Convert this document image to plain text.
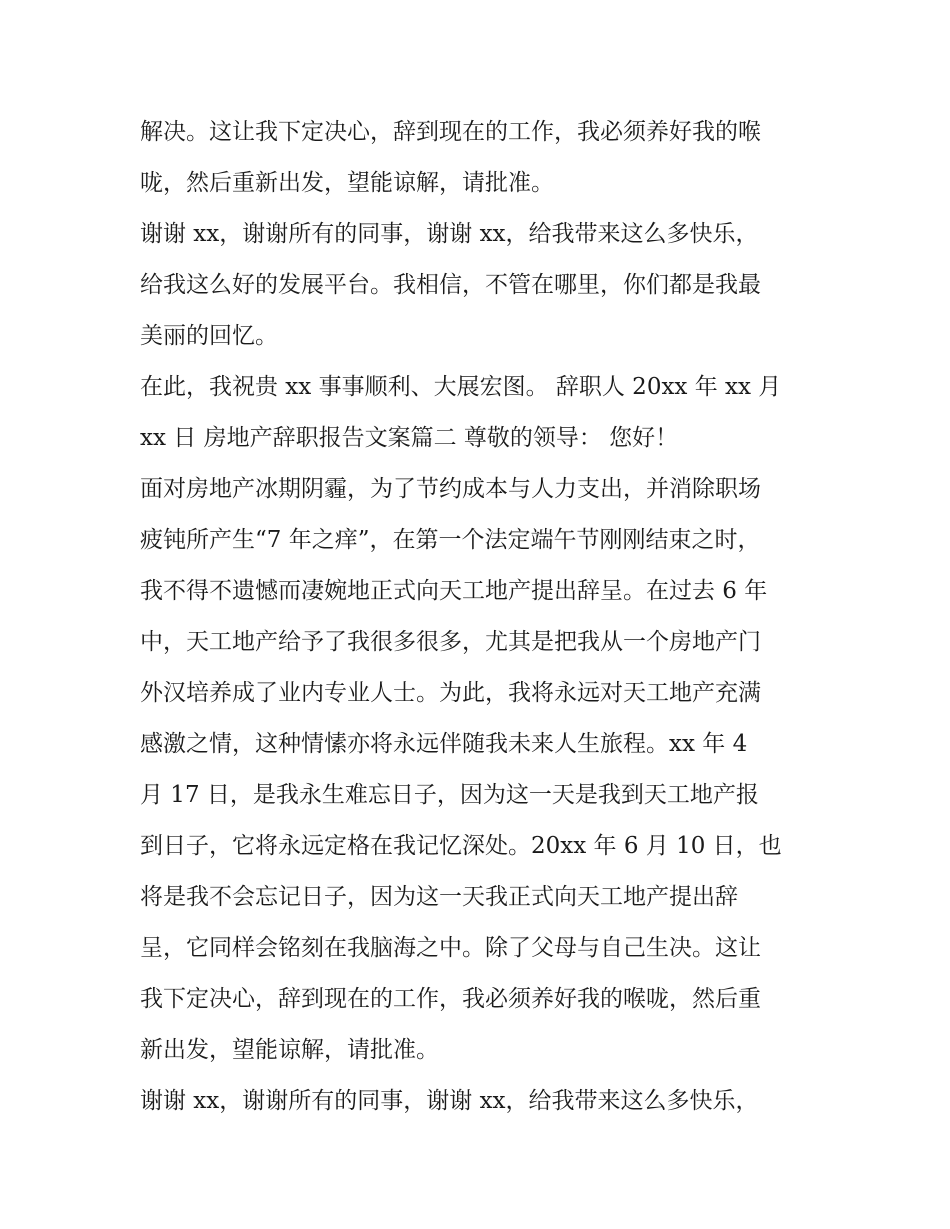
解决。这让我下定决心，辞到现在的工作，我必须养好我的喉
咙，然后重新出发，望能谅解，请批准。
谢谢 xx，谢谢所有的同事，谢谢 xx，给我带来这么多快乐，
给我这么好的发展平台。我相信，不管在哪里，你们都是我最
美丽的回忆。
在此，我祝贵 xx 事事顺利、大展宏图。 辞职人 20xx 年 xx 月
xx 日 房地产辞职报告文案篇二 尊敬的领导： 您好！
面对房地产冰期阴霾，为了节约成本与人力支出，并消除职场
疲钝所产生“7 年之痒”，在第一个法定端午节刚刚结束之时，
我不得不遗憾而凄婉地正式向天工地产提出辞呈。在过去 6 年
中，天工地产给予了我很多很多，尤其是把我从一个房地产门
外汉培养成了业内专业人士。为此，我将永远对天工地产充满
感激之情，这种情愫亦将永远伴随我未来人生旅程。xx 年 4
月 17 日，是我永生难忘日子，因为这一天是我到天工地产报
到日子，它将永远定格在我记忆深处。20xx 年 6 月 10 日，也
将是我不会忘记日子，因为这一天我正式向天工地产提出辞
呈，它同样会铭刻在我脑海之中。除了父母与自己生决。这让
我下定决心，辞到现在的工作，我必须养好我的喉咙，然后重
新出发，望能谅解，请批准。
谢谢 xx，谢谢所有的同事，谢谢 xx，给我带来这么多快乐，
